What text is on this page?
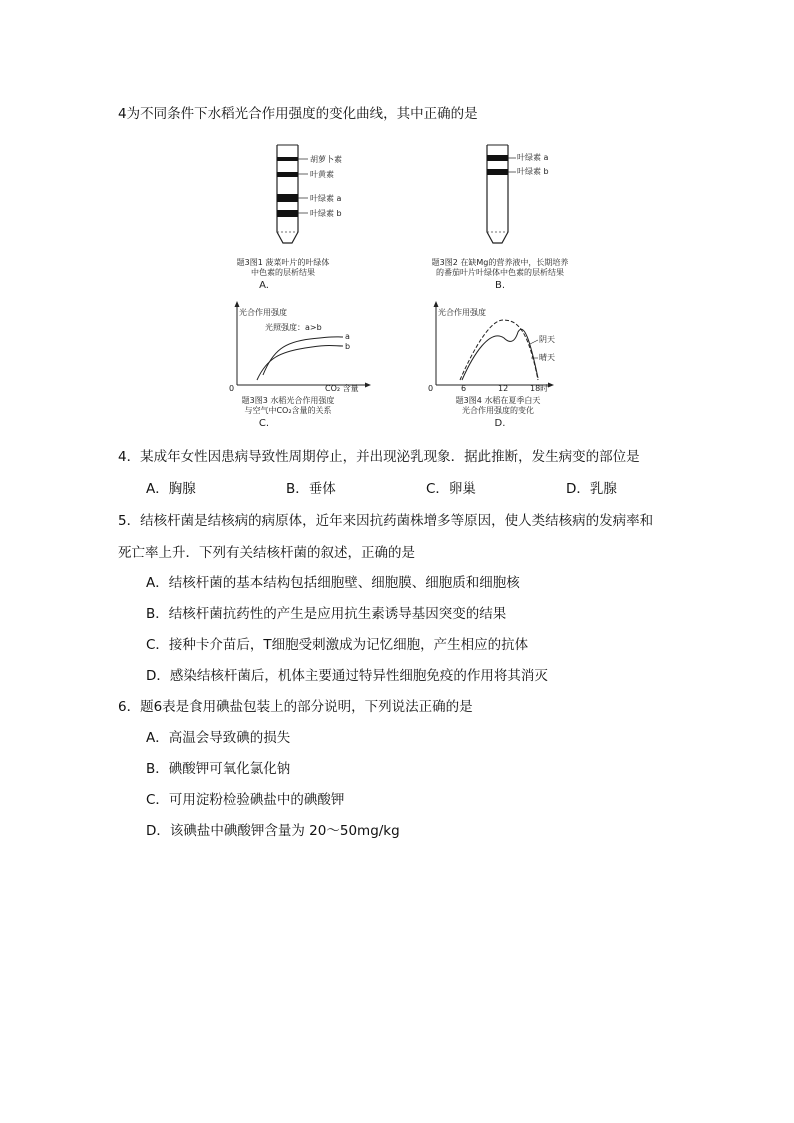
4为不同条件下水稻光合作用强度的变化曲线，其中正确的是
胡萝卜素
叶黄素
叶绿素 a
叶绿素 b
题3图1 菠菜叶片的叶绿体
中色素的层析结果
A.
叶绿素 a
叶绿素 b
题3图2 在缺Mg的营养液中，长期培养
的番茄叶片叶绿体中色素的层析结果
B.
光合作用强度
光照强度：a>b
a
b
0	CO₂ 含量
题3图3 水稻光合作用强度
与空气中CO₂含量的关系
C.
光合作用强度
阴天
晴天
0	6	12	18时
题3图4 水稻在夏季白天
光合作用强度的变化
D.
4．某成年女性因患病导致性周期停止，并出现泌乳现象．据此推断，发生病变的部位是
A．胸腺	B．垂体	C．卵巢	D．乳腺
5．结核杆菌是结核病的病原体，近年来因抗药菌株增多等原因，使人类结核病的发病率和
死亡率上升．下列有关结核杆菌的叙述，正确的是
A．结核杆菌的基本结构包括细胞壁、细胞膜、细胞质和细胞核
B．结核杆菌抗药性的产生是应用抗生素诱导基因突变的结果
C．接种卡介苗后，T细胞受刺激成为记忆细胞，产生相应的抗体
D．感染结核杆菌后，机体主要通过特异性细胞免疫的作用将其消灭
6．题6表是食用碘盐包装上的部分说明，下列说法正确的是
A．高温会导致碘的损失
B．碘酸钾可氧化氯化钠
C．可用淀粉检验碘盐中的碘酸钾
D．该碘盐中碘酸钾含量为 20～50mg/kg
